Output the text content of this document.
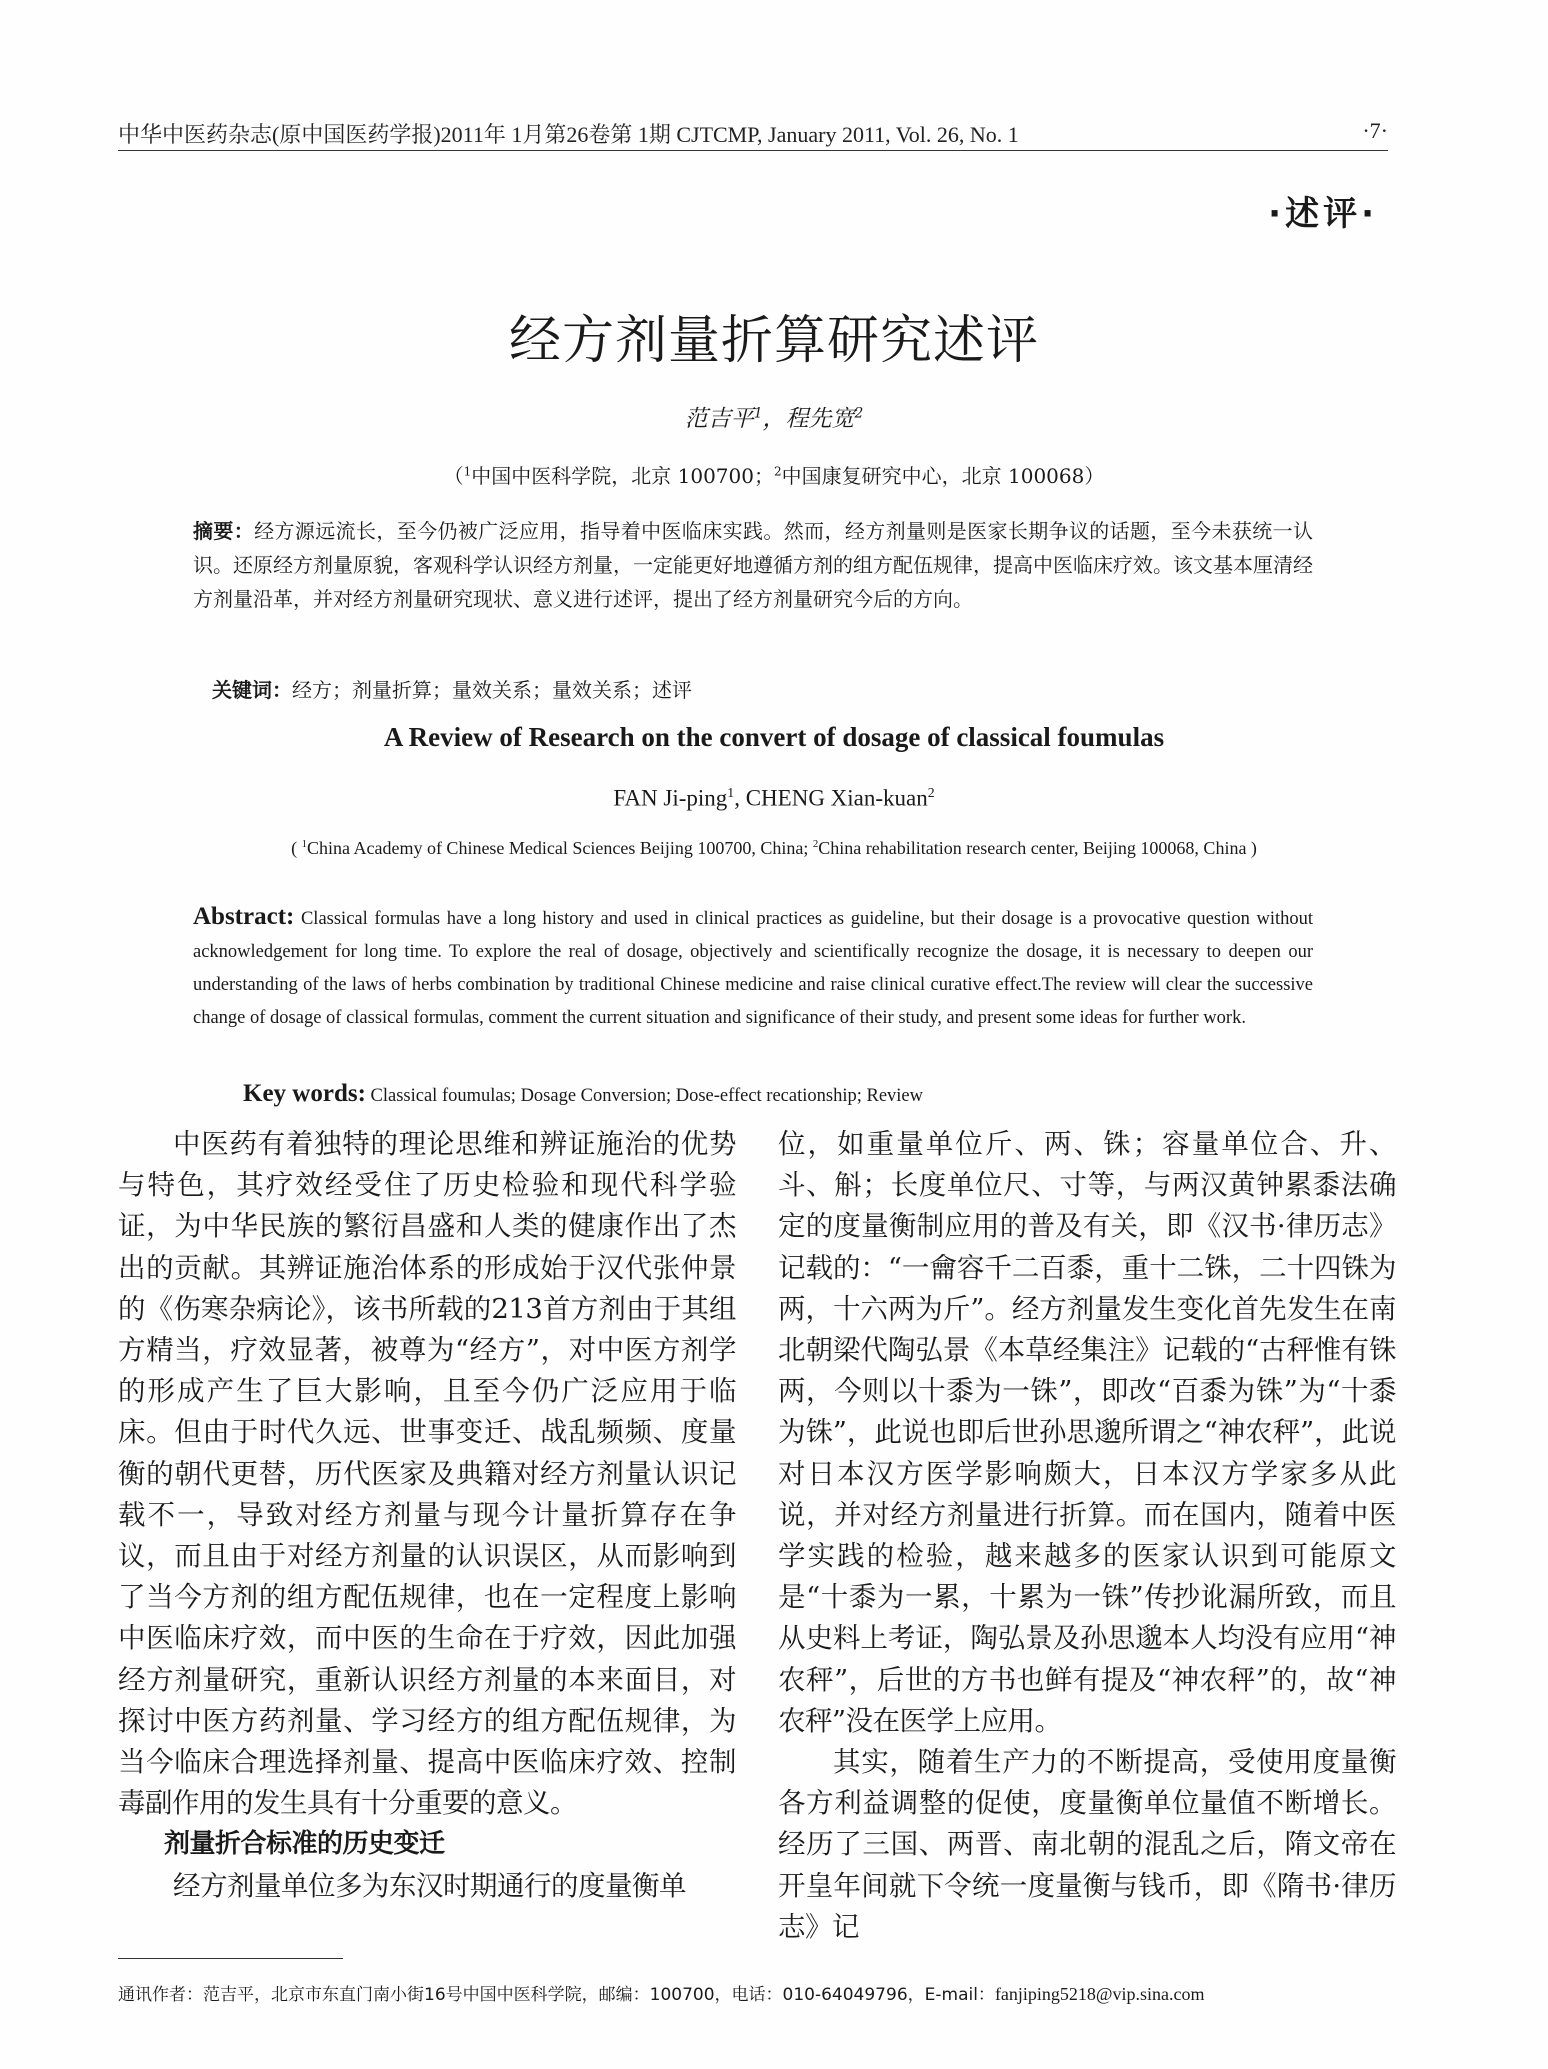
中华中医药杂志(原中国医药学报)2011年 1月第26卷第 1期 CJTCMP, January 2011, Vol. 26, No. 1	·7·
·述评·
经方剂量折算研究述评
范吉平$^1$，程先宽$^2$
（$^1$中国中医科学院，北京 100700；$^2$中国康复研究中心，北京 100068）
摘要：经方源远流长，至今仍被广泛应用，指导着中医临床实践。然而，经方剂量则是医家长期争议的话题，至今未获统一认识。还原经方剂量原貌，客观科学认识经方剂量，一定能更好地遵循方剂的组方配伍规律，提高中医临床疗效。该文基本厘清经方剂量沿革，并对经方剂量研究现状、意义进行述评，提出了经方剂量研究今后的方向。
关键词：经方；剂量折算；量效关系；量效关系；述评
A Review of Research on the convert of dosage of classical foumulas
FAN Ji-ping$^1$, CHENG Xian-kuan$^2$
( $^1$China Academy of Chinese Medical Sciences Beijing 100700, China; $^2$China rehabilitation research center, Beijing 100068, China )
Abstract: Classical formulas have a long history and used in clinical practices as guideline, but their dosage is a provocative question without acknowledgement for long time. To explore the real of dosage, objectively and scientifically recognize the dosage, it is necessary to deepen our understanding of the laws of herbs combination by traditional Chinese medicine and raise clinical curative effect.The review will clear the successive change of dosage of classical formulas, comment the current situation and significance of their study, and present some ideas for further work.
Key words: Classical foumulas; Dosage Conversion; Dose-effect recationship; Review

中医药有着独特的理论思维和辨证施治的优势与特色，其疗效经受住了历史检验和现代科学验证，为中华民族的繁衍昌盛和人类的健康作出了杰出的贡献。其辨证施治体系的形成始于汉代张仲景的《伤寒杂病论》，该书所载的213首方剂由于其组方精当，疗效显著，被尊为“经方”，对中医方剂学的形成产生了巨大影响，且至今仍广泛应用于临床。但由于时代久远、世事变迁、战乱频频、度量衡的朝代更替，历代医家及典籍对经方剂量认识记载不一，导致对经方剂量与现今计量折算存在争议，而且由于对经方剂量的认识误区，从而影响到了当今方剂的组方配伍规律，也在一定程度上影响中医临床疗效，而中医的生命在于疗效，因此加强经方剂量研究，重新认识经方剂量的本来面目，对探讨中医方药剂量、学习经方的组方配伍规律，为当今临床合理选择剂量、提高中医临床疗效、控制毒副作用的发生具有十分重要的意义。

剂量折合标准的历史变迁

经方剂量单位多为东汉时期通行的度量衡单

位，如重量单位斤、两、铢；容量单位合、升、斗、斛；长度单位尺、寸等，与两汉黄钟累黍法确定的度量衡制应用的普及有关，即《汉书·律历志》记载的：“一龠容千二百黍，重十二铢，二十四铢为两，十六两为斤”。经方剂量发生变化首先发生在南北朝梁代陶弘景《本草经集注》记载的“古秤惟有铢两，今则以十黍为一铢”，即改“百黍为铢”为“十黍为铢”，此说也即后世孙思邈所谓之“神农秤”，此说对日本汉方医学影响颇大，日本汉方学家多从此说，并对经方剂量进行折算。而在国内，随着中医学实践的检验，越来越多的医家认识到可能原文是“十黍为一累，十累为一铢”传抄讹漏所致，而且从史料上考证，陶弘景及孙思邈本人均没有应用“神农秤”，后世的方书也鲜有提及“神农秤”的，故“神农秤”没在医学上应用。

其实，随着生产力的不断提高，受使用度量衡各方利益调整的促使，度量衡单位量值不断增长。经历了三国、两晋、南北朝的混乱之后，隋文帝在开皇年间就下令统一度量衡与钱币，即《隋书·律历志》记

通讯作者：范吉平，北京市东直门南小街16号中国中医科学院，邮编：100700，电话：010-64049796，E-mail：fanjiping5218@vip.sina.com
